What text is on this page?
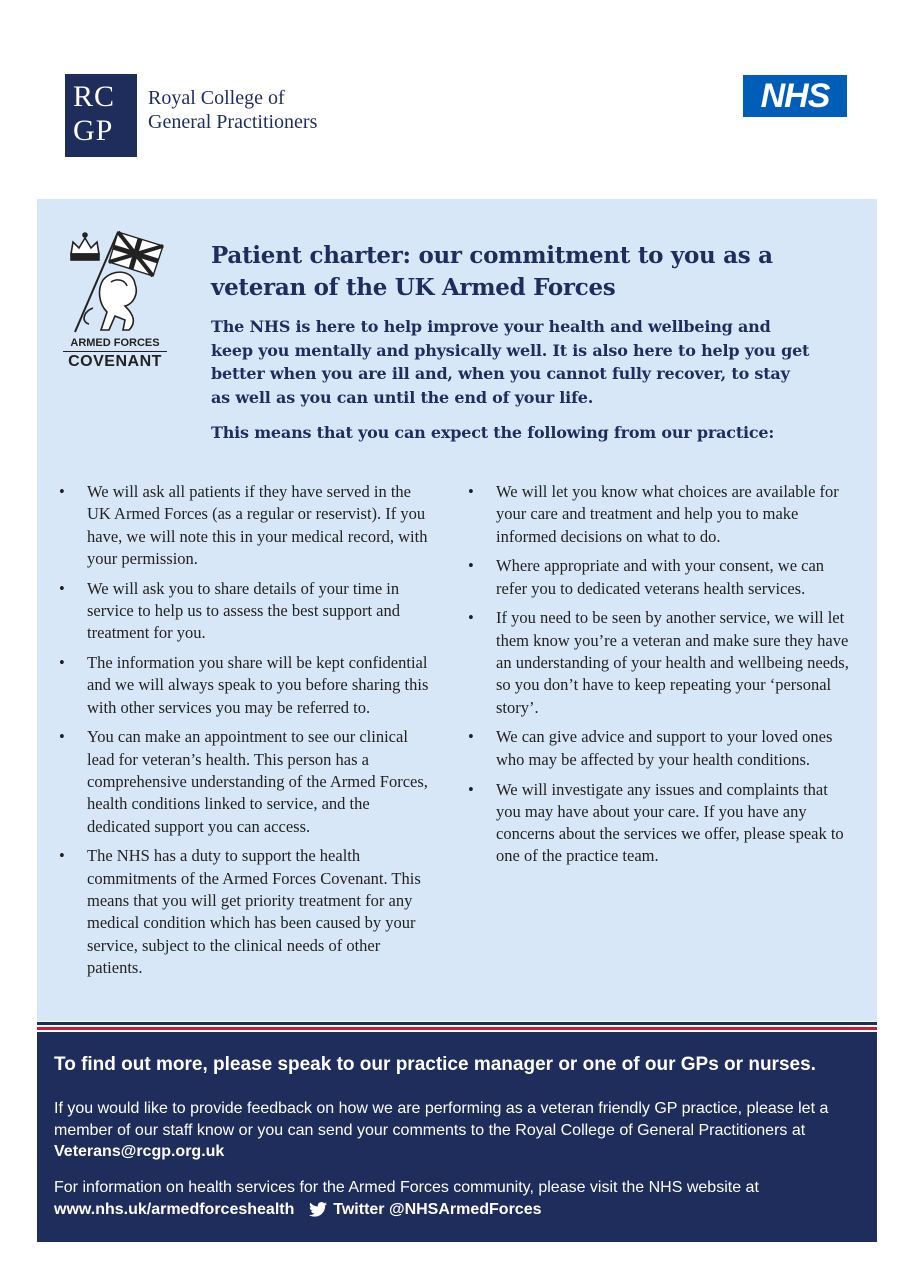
RC
GP
Royal College of
General Practitioners
NHS
ARMED FORCES
COVENANT
Patient charter: our commitment to you as a veteran of the UK Armed Forces
The NHS is here to help improve your health and wellbeing and keep you mentally and physically well. It is also here to help you get better when you are ill and, when you cannot fully recover, to stay as well as you can until the end of your life.
This means that you can expect the following from our practice:
• We will ask all patients if they have served in the UK Armed Forces (as a regular or reservist). If you have, we will note this in your medical record, with your permission.
• We will ask you to share details of your time in service to help us to assess the best support and treatment for you.
• The information you share will be kept confidential and we will always speak to you before sharing this with other services you may be referred to.
• You can make an appointment to see our clinical lead for veteran’s health. This person has a comprehensive understanding of the Armed Forces, health conditions linked to service, and the dedicated support you can access.
• The NHS has a duty to support the health commitments of the Armed Forces Covenant. This means that you will get priority treatment for any medical condition which has been caused by your service, subject to the clinical needs of other patients.
• We will let you know what choices are available for your care and treatment and help you to make informed decisions on what to do.
• Where appropriate and with your consent, we can refer you to dedicated veterans health services.
• If you need to be seen by another service, we will let them know you’re a veteran and make sure they have an understanding of your health and wellbeing needs, so you don’t have to keep repeating your ‘personal story’.
• We can give advice and support to your loved ones who may be affected by your health conditions.
• We will investigate any issues and complaints that you may have about your care. If you have any concerns about the services we offer, please speak to one of the practice team.
To find out more, please speak to our practice manager or one of our GPs or nurses.
If you would like to provide feedback on how we are performing as a veteran friendly GP practice, please let a member of our staff know or you can send your comments to the Royal College of General Practitioners at Veterans@rcgp.org.uk
For information on health services for the Armed Forces community, please visit the NHS website at www.nhs.uk/armedforceshealth Twitter @NHSArmedForces
